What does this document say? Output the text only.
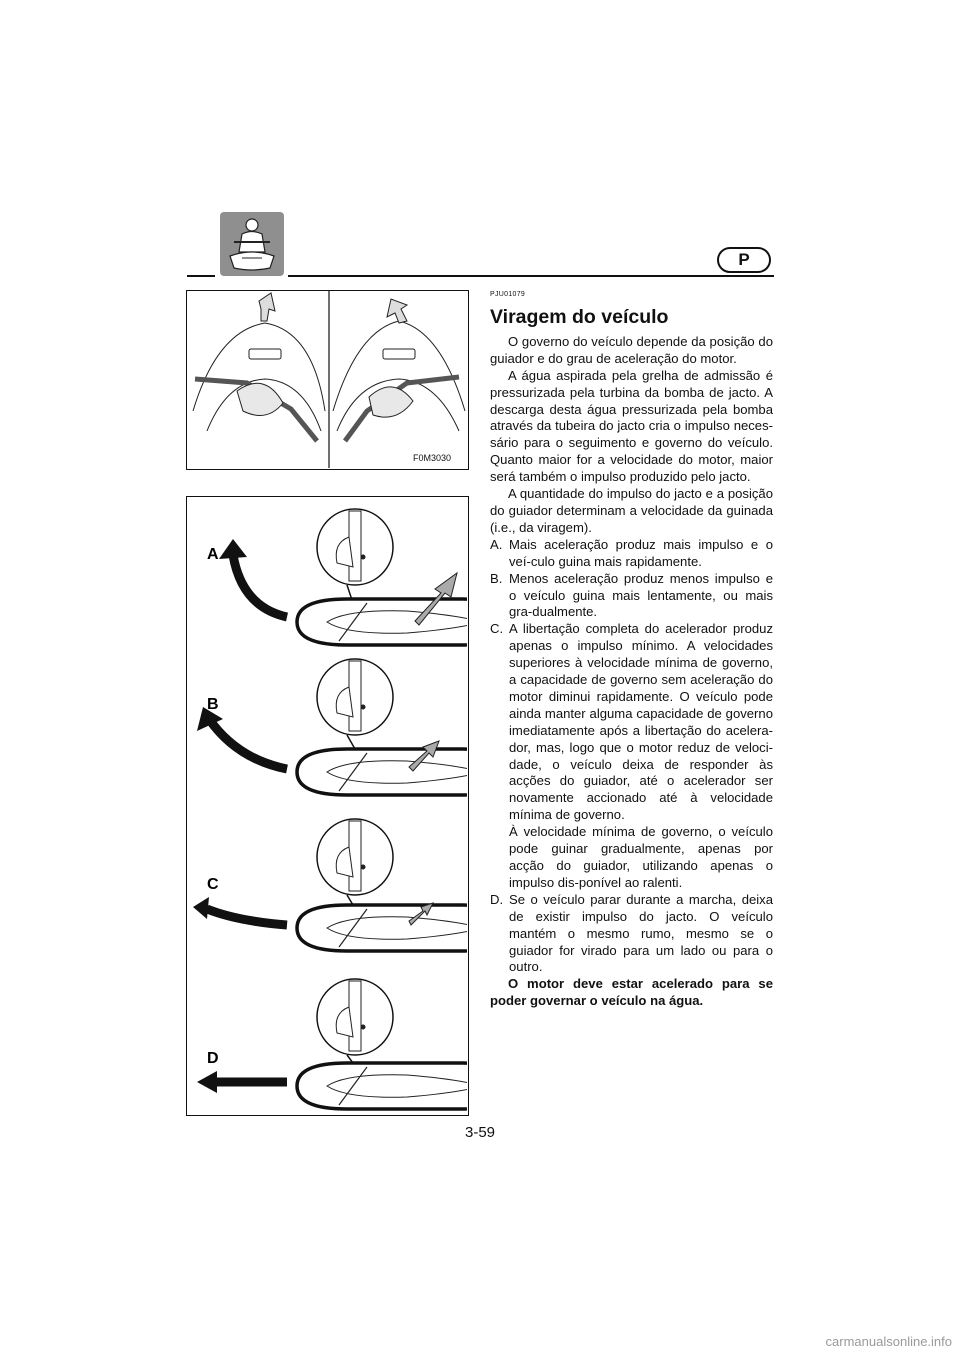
P
F0M3030
A
B
C
D

PJU01079

Viragem do veículo

O governo do veículo depende da posição do guiador e do grau de aceleração do motor.

A água aspirada pela grelha de admissão é pressurizada pela turbina da bomba de jacto. A descarga desta água pressurizada pela bomba através da tubeira do jacto cria o impulso neces-sário para o seguimento e governo do veículo. Quanto maior for a velocidade do motor, maior será também o impulso produzido pelo jacto.

A quantidade do impulso do jacto e a posição do guiador determinam a velocidade da guinada (i.e., da viragem).

A. Mais aceleração produz mais impulso e o veí-culo guina mais rapidamente.
B. Menos aceleração produz menos impulso e o veículo guina mais lentamente, ou mais gra-dualmente.
C. A libertação completa do acelerador produz apenas o impulso mínimo. A velocidades superiores à velocidade mínima de governo, a capacidade de governo sem aceleração do motor diminui rapidamente. O veículo pode ainda manter alguma capacidade de governo imediatamente após a libertação do acelera-dor, mas, logo que o motor reduz de veloci-dade, o veículo deixa de responder às acções do guiador, até o acelerador ser novamente accionado até à velocidade mínima de governo.

À velocidade mínima de governo, o veículo pode guinar gradualmente, apenas por acção do guiador, utilizando apenas o impulso dis-ponível ao ralenti.

D. Se o veículo parar durante a marcha, deixa de existir impulso do jacto. O veículo mantém o mesmo rumo, mesmo se o guiador for virado para um lado ou para o outro.

O motor deve estar acelerado para se poder governar o veículo na água.

3-59
carmanualsonline.info
